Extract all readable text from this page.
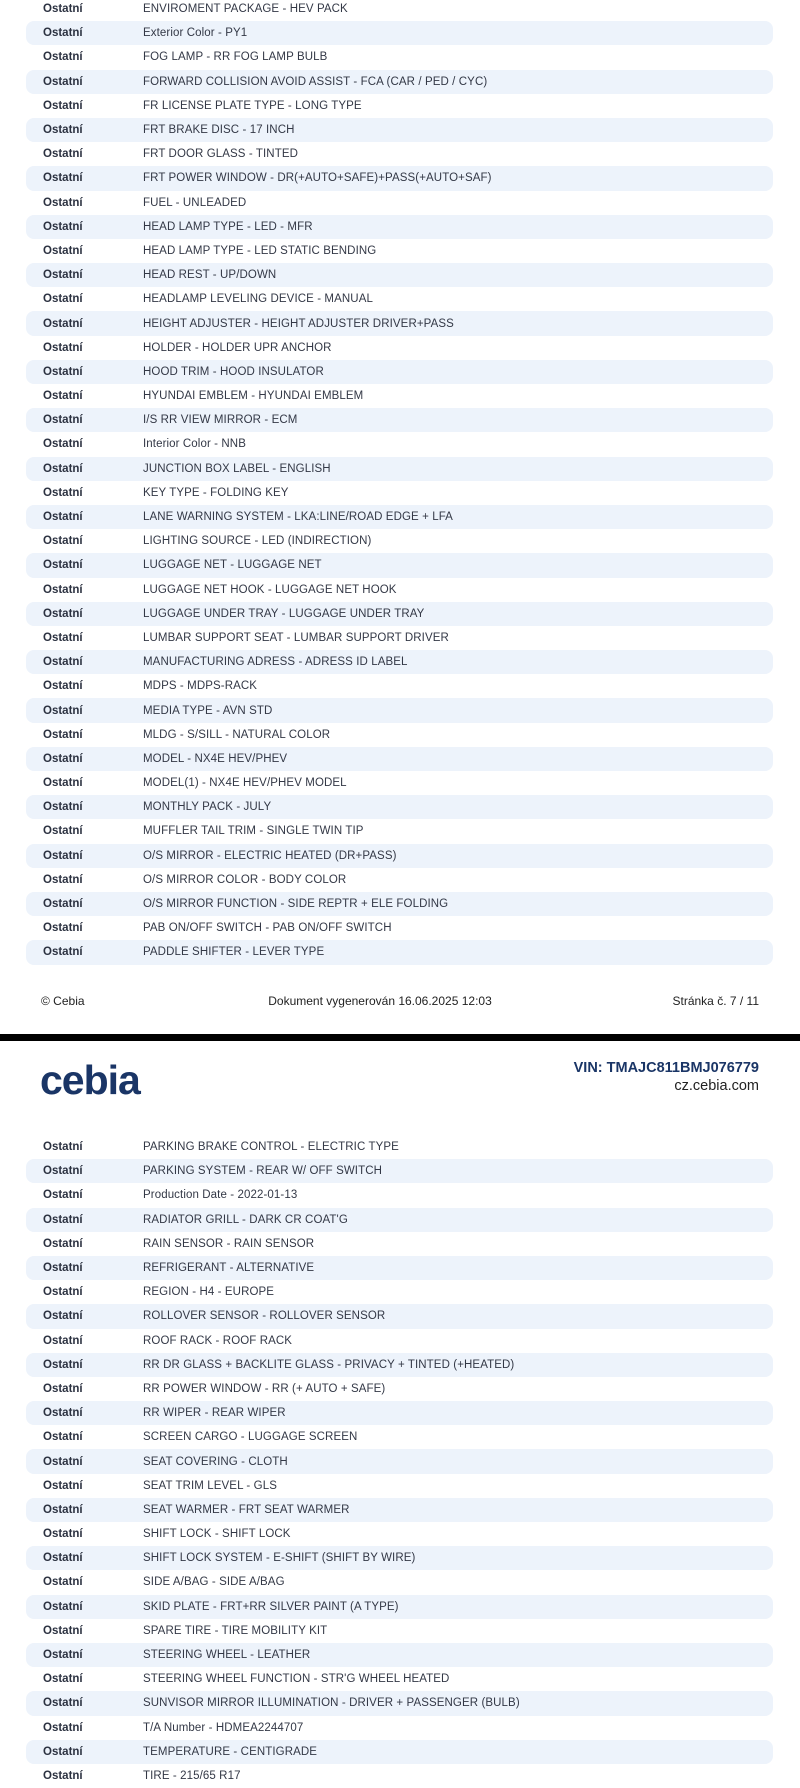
Ostatní	ENVIROMENT PACKAGE - HEV PACK
Ostatní	Exterior Color - PY1
Ostatní	FOG LAMP - RR FOG LAMP BULB
Ostatní	FORWARD COLLISION AVOID ASSIST - FCA (CAR / PED / CYC)
Ostatní	FR LICENSE PLATE TYPE - LONG TYPE
Ostatní	FRT BRAKE DISC - 17 INCH
Ostatní	FRT DOOR GLASS - TINTED
Ostatní	FRT POWER WINDOW - DR(+AUTO+SAFE)+PASS(+AUTO+SAF)
Ostatní	FUEL - UNLEADED
Ostatní	HEAD LAMP TYPE - LED - MFR
Ostatní	HEAD LAMP TYPE - LED STATIC BENDING
Ostatní	HEAD REST - UP/DOWN
Ostatní	HEADLAMP LEVELING DEVICE - MANUAL
Ostatní	HEIGHT ADJUSTER - HEIGHT ADJUSTER DRIVER+PASS
Ostatní	HOLDER - HOLDER UPR ANCHOR
Ostatní	HOOD TRIM - HOOD INSULATOR
Ostatní	HYUNDAI EMBLEM - HYUNDAI EMBLEM
Ostatní	I/S RR VIEW MIRROR - ECM
Ostatní	Interior Color - NNB
Ostatní	JUNCTION BOX LABEL - ENGLISH
Ostatní	KEY TYPE - FOLDING KEY
Ostatní	LANE WARNING SYSTEM - LKA:LINE/ROAD EDGE + LFA
Ostatní	LIGHTING SOURCE - LED (INDIRECTION)
Ostatní	LUGGAGE NET - LUGGAGE NET
Ostatní	LUGGAGE NET HOOK - LUGGAGE NET HOOK
Ostatní	LUGGAGE UNDER TRAY - LUGGAGE UNDER TRAY
Ostatní	LUMBAR SUPPORT SEAT - LUMBAR SUPPORT DRIVER
Ostatní	MANUFACTURING ADRESS - ADRESS ID LABEL
Ostatní	MDPS - MDPS-RACK
Ostatní	MEDIA TYPE - AVN STD
Ostatní	MLDG - S/SILL - NATURAL COLOR
Ostatní	MODEL - NX4E HEV/PHEV
Ostatní	MODEL(1) - NX4E HEV/PHEV MODEL
Ostatní	MONTHLY PACK - JULY
Ostatní	MUFFLER TAIL TRIM - SINGLE TWIN TIP
Ostatní	O/S MIRROR - ELECTRIC HEATED (DR+PASS)
Ostatní	O/S MIRROR COLOR - BODY COLOR
Ostatní	O/S MIRROR FUNCTION - SIDE REPTR + ELE FOLDING
Ostatní	PAB ON/OFF SWITCH - PAB ON/OFF SWITCH
Ostatní	PADDLE SHIFTER - LEVER TYPE
© Cebia	Dokument vygenerován 16.06.2025 12:03	Stránka č. 7 / 11
cebia	VIN: TMAJC811BMJ076779
cz.cebia.com
Ostatní	PARKING BRAKE CONTROL - ELECTRIC TYPE
Ostatní	PARKING SYSTEM - REAR W/ OFF SWITCH
Ostatní	Production Date - 2022-01-13
Ostatní	RADIATOR GRILL - DARK CR COAT'G
Ostatní	RAIN SENSOR - RAIN SENSOR
Ostatní	REFRIGERANT - ALTERNATIVE
Ostatní	REGION - H4 - EUROPE
Ostatní	ROLLOVER SENSOR - ROLLOVER SENSOR
Ostatní	ROOF RACK - ROOF RACK
Ostatní	RR DR GLASS + BACKLITE GLASS - PRIVACY + TINTED (+HEATED)
Ostatní	RR POWER WINDOW - RR (+ AUTO + SAFE)
Ostatní	RR WIPER - REAR WIPER
Ostatní	SCREEN CARGO - LUGGAGE SCREEN
Ostatní	SEAT COVERING - CLOTH
Ostatní	SEAT TRIM LEVEL - GLS
Ostatní	SEAT WARMER - FRT SEAT WARMER
Ostatní	SHIFT LOCK - SHIFT LOCK
Ostatní	SHIFT LOCK SYSTEM - E-SHIFT (SHIFT BY WIRE)
Ostatní	SIDE A/BAG - SIDE A/BAG
Ostatní	SKID PLATE - FRT+RR SILVER PAINT (A TYPE)
Ostatní	SPARE TIRE - TIRE MOBILITY KIT
Ostatní	STEERING WHEEL - LEATHER
Ostatní	STEERING WHEEL FUNCTION - STR'G WHEEL HEATED
Ostatní	SUNVISOR MIRROR ILLUMINATION - DRIVER + PASSENGER (BULB)
Ostatní	T/A Number - HDMEA2244707
Ostatní	TEMPERATURE - CENTIGRADE
Ostatní	TIRE - 215/65 R17
